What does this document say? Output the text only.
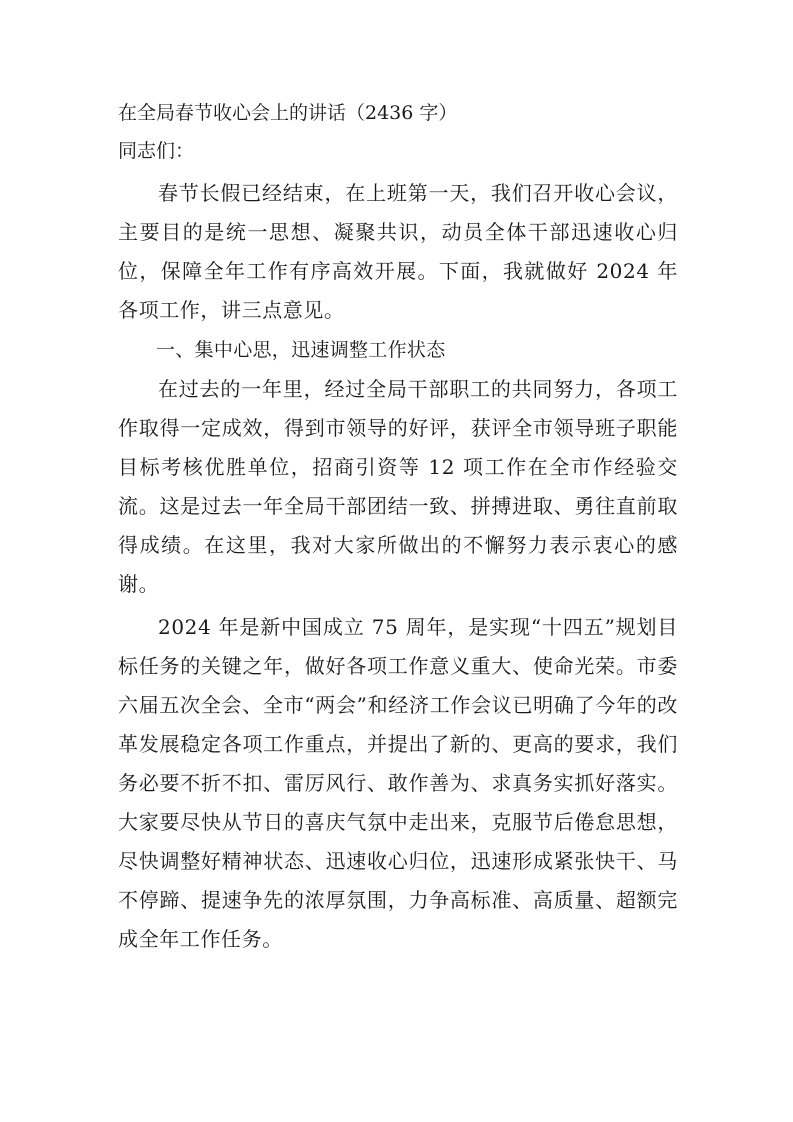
在全局春节收心会上的讲话（2436 字）
同志们：

春节长假已经结束，在上班第一天，我们召开收心会议，主要目的是统一思想、凝聚共识，动员全体干部迅速收心归位，保障全年工作有序高效开展。下面，我就做好 2024 年各项工作，讲三点意见。

一、集中心思，迅速调整工作状态

在过去的一年里，经过全局干部职工的共同努力，各项工作取得一定成效，得到市领导的好评，获评全市领导班子职能目标考核优胜单位，招商引资等 12 项工作在全市作经验交流。这是过去一年全局干部团结一致、拼搏进取、勇往直前取得成绩。在这里，我对大家所做出的不懈努力表示衷心的感谢。

2024 年是新中国成立 75 周年，是实现“十四五”规划目标任务的关键之年，做好各项工作意义重大、使命光荣。市委六届五次全会、全市“两会”和经济工作会议已明确了今年的改革发展稳定各项工作重点，并提出了新的、更高的要求，我们务必要不折不扣、雷厉风行、敢作善为、求真务实抓好落实。大家要尽快从节日的喜庆气氛中走出来，克服节后倦怠思想，尽快调整好精神状态、迅速收心归位，迅速形成紧张快干、马不停蹄、提速争先的浓厚氛围，力争高标准、高质量、超额完成全年工作任务。
